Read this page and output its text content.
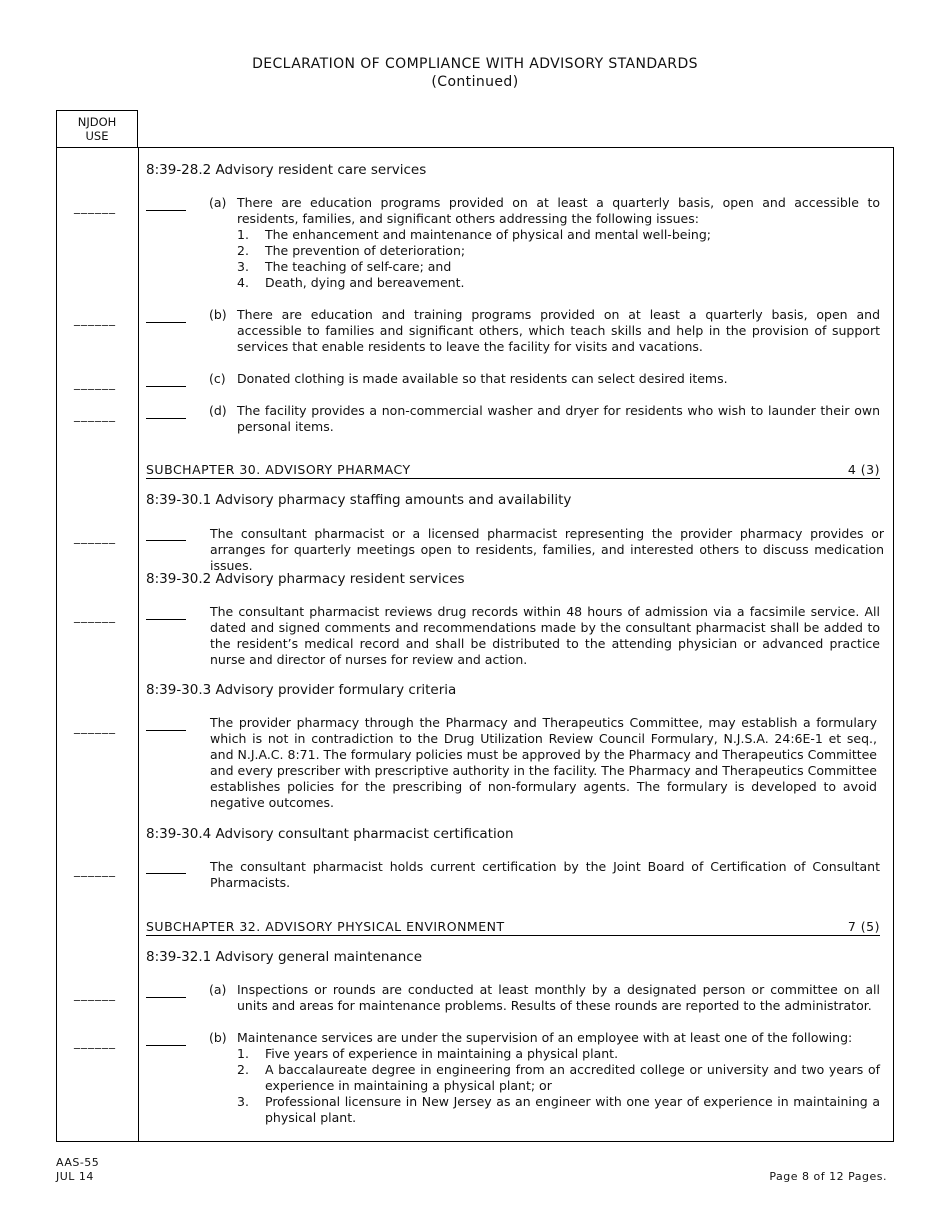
DECLARATION OF COMPLIANCE WITH ADVISORY STANDARDS
(Continued)
NJDOH
USE
8:39-28.2 Advisory resident care services
______	(a) There are education programs provided on at least a quarterly basis, open and accessible to residents, families, and significant others addressing the following issues:
1. The enhancement and maintenance of physical and mental well-being;
2. The prevention of deterioration;
3. The teaching of self-care; and
4. Death, dying and bereavement.
______	(b) There are education and training programs provided on at least a quarterly basis, open and accessible to families and significant others, which teach skills and help in the provision of support services that enable residents to leave the facility for visits and vacations.
______	(c) Donated clothing is made available so that residents can select desired items.
______	(d) The facility provides a non-commercial washer and dryer for residents who wish to launder their own personal items.
SUBCHAPTER 30. ADVISORY PHARMACY	4 (3)
8:39-30.1 Advisory pharmacy staffing amounts and availability
______	The consultant pharmacist or a licensed pharmacist representing the provider pharmacy provides or arranges for quarterly meetings open to residents, families, and interested others to discuss medication issues.
8:39-30.2 Advisory pharmacy resident services
______	The consultant pharmacist reviews drug records within 48 hours of admission via a facsimile service. All dated and signed comments and recommendations made by the consultant pharmacist shall be added to the resident’s medical record and shall be distributed to the attending physician or advanced practice nurse and director of nurses for review and action.
8:39-30.3 Advisory provider formulary criteria
______	The provider pharmacy through the Pharmacy and Therapeutics Committee, may establish a formulary which is not in contradiction to the Drug Utilization Review Council Formulary, N.J.S.A. 24:6E-1 et seq., and N.J.A.C. 8:71. The formulary policies must be approved by the Pharmacy and Therapeutics Committee and every prescriber with prescriptive authority in the facility. The Pharmacy and Therapeutics Committee establishes policies for the prescribing of non-formulary agents. The formulary is developed to avoid negative outcomes.
8:39-30.4 Advisory consultant pharmacist certification
______	The consultant pharmacist holds current certification by the Joint Board of Certification of Consultant Pharmacists.
SUBCHAPTER 32. ADVISORY PHYSICAL ENVIRONMENT	7 (5)
8:39-32.1 Advisory general maintenance
______	(a) Inspections or rounds are conducted at least monthly by a designated person or committee on all units and areas for maintenance problems. Results of these rounds are reported to the administrator.
______	(b) Maintenance services are under the supervision of an employee with at least one of the following:
1. Five years of experience in maintaining a physical plant.
2. A baccalaureate degree in engineering from an accredited college or university and two years of experience in maintaining a physical plant; or
3. Professional licensure in New Jersey as an engineer with one year of experience in maintaining a physical plant.
AAS-55
JUL 14	Page 8 of 12 Pages.
